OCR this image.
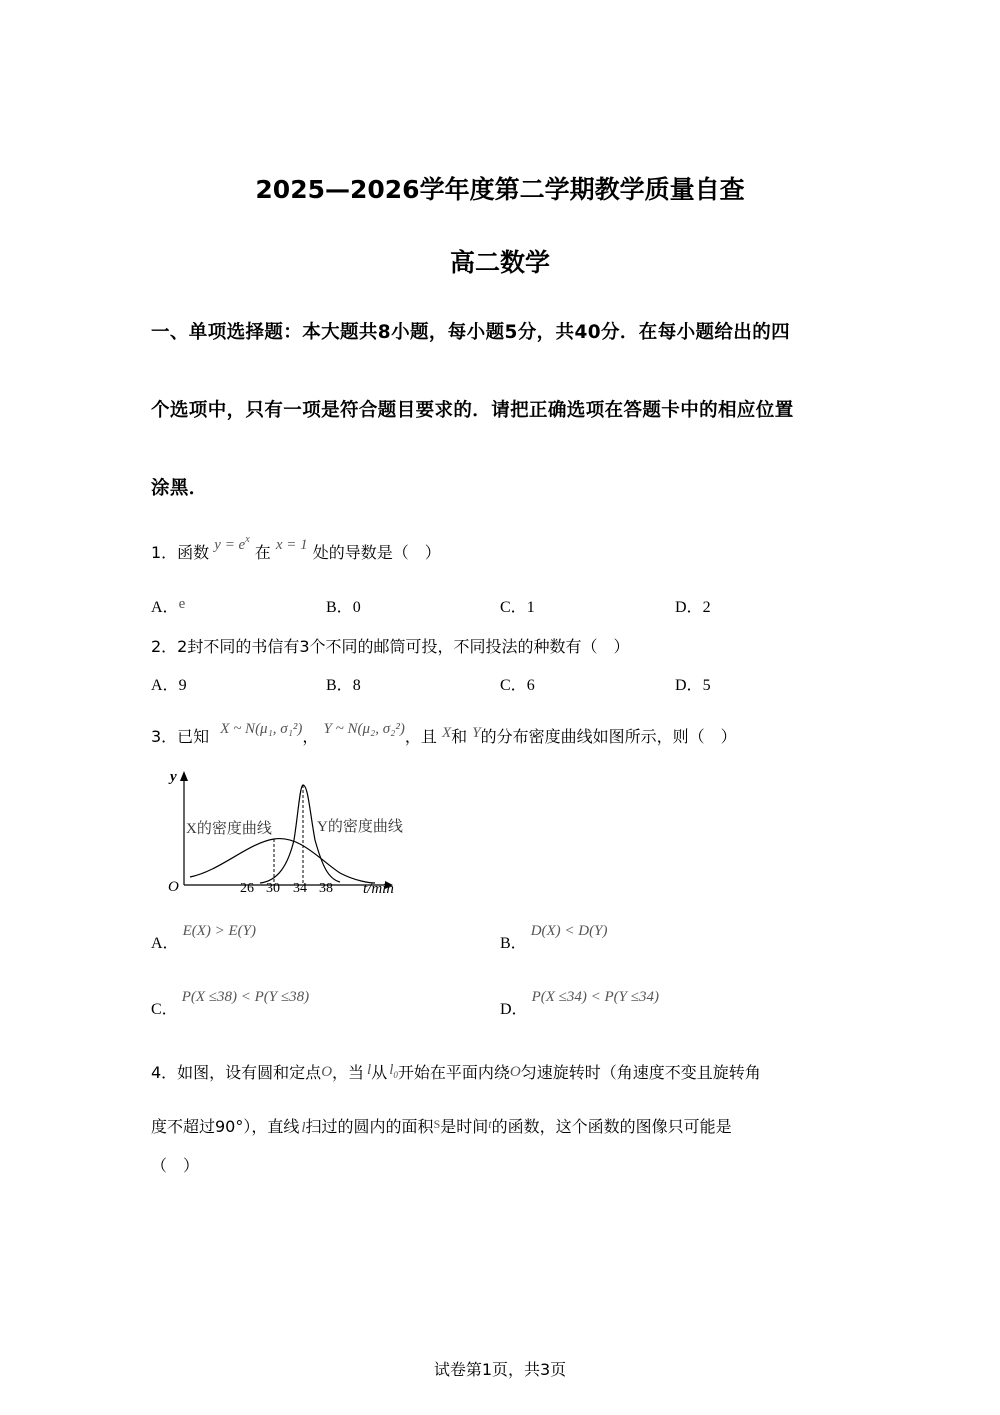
2025—2026学年度第二学期教学质量自查
高二数学
一、单项选择题：本大题共8小题，每小题5分，共40分．在每小题给出的四
个选项中，只有一项是符合题目要求的．请把正确选项在答题卡中的相应位置
涂黑．
1．函数 $y = e^x$ 在 x = 1 处的导数是（　）
A．e	B．0	C．1	D．2
2．2封不同的书信有3个不同的邮筒可投，不同投法的种数有（　）
A．9	B．8	C．6	D．5
3．已知 X ~ N(μ₁, σ₁²)， Y ~ N(μ₂, σ₂²)，且 X和 Y的分布密度曲线如图所示，则（　）
y
O	t/min
X的密度曲线	Y的密度曲线
26 30 34 38
A．E(X) > E(Y)
B．D(X) < D(Y)
C．P(X ≤38) < P(Y ≤38)
D．P(X ≤34) < P(Y ≤34)
4．如图，设有圆和定点O，当 l从 $l_0$开始在平面内绕O匀速旋转时（角速度不变且旋转角
度不超过90°），直线 l扫过的圆内的面积$^S$是时间$^t$的函数，这个函数的图像只可能是
（　）
试卷第1页，共3页
